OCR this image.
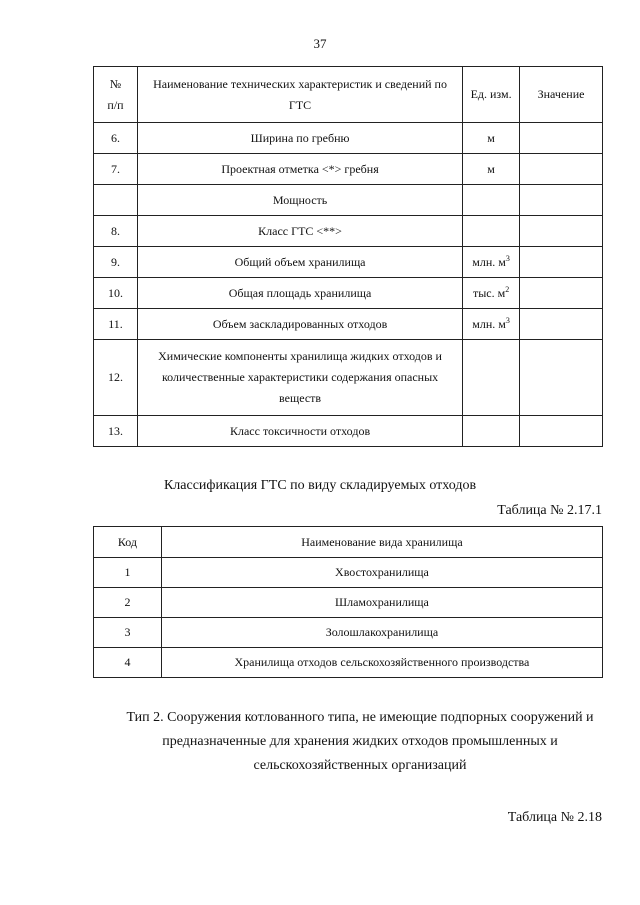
37
№ п/п	Наименование технических характеристик и сведений по ГТС	Ед. изм.	Значение
6.	Ширина по гребню	м	
7.	Проектная отметка <*> гребня	м	
	Мощность		
8.	Класс ГТС <**>		
9.	Общий объем хранилища	млн. $м^3$	
10.	Общая площадь хранилища	тыс. $м^2$	
11.	Объем заскладированных отходов	млн. $м^3$	
12.	Химические компоненты хранилища жидких отходов и количественные характеристики содержания опасных веществ		
13.	Класс токсичности отходов		
Классификация ГТС по виду складируемых отходов
Таблица № 2.17.1
Код	Наименование вида хранилища
1	Хвостохранилища
2	Шламохранилища
3	Золошлакохранилища
4	Хранилища отходов сельскохозяйственного производства
Тип 2. Сооружения котлованного типа, не имеющие подпорных сооружений и предназначенные для хранения жидких отходов промышленных и сельскохозяйственных организаций
Таблица № 2.18
